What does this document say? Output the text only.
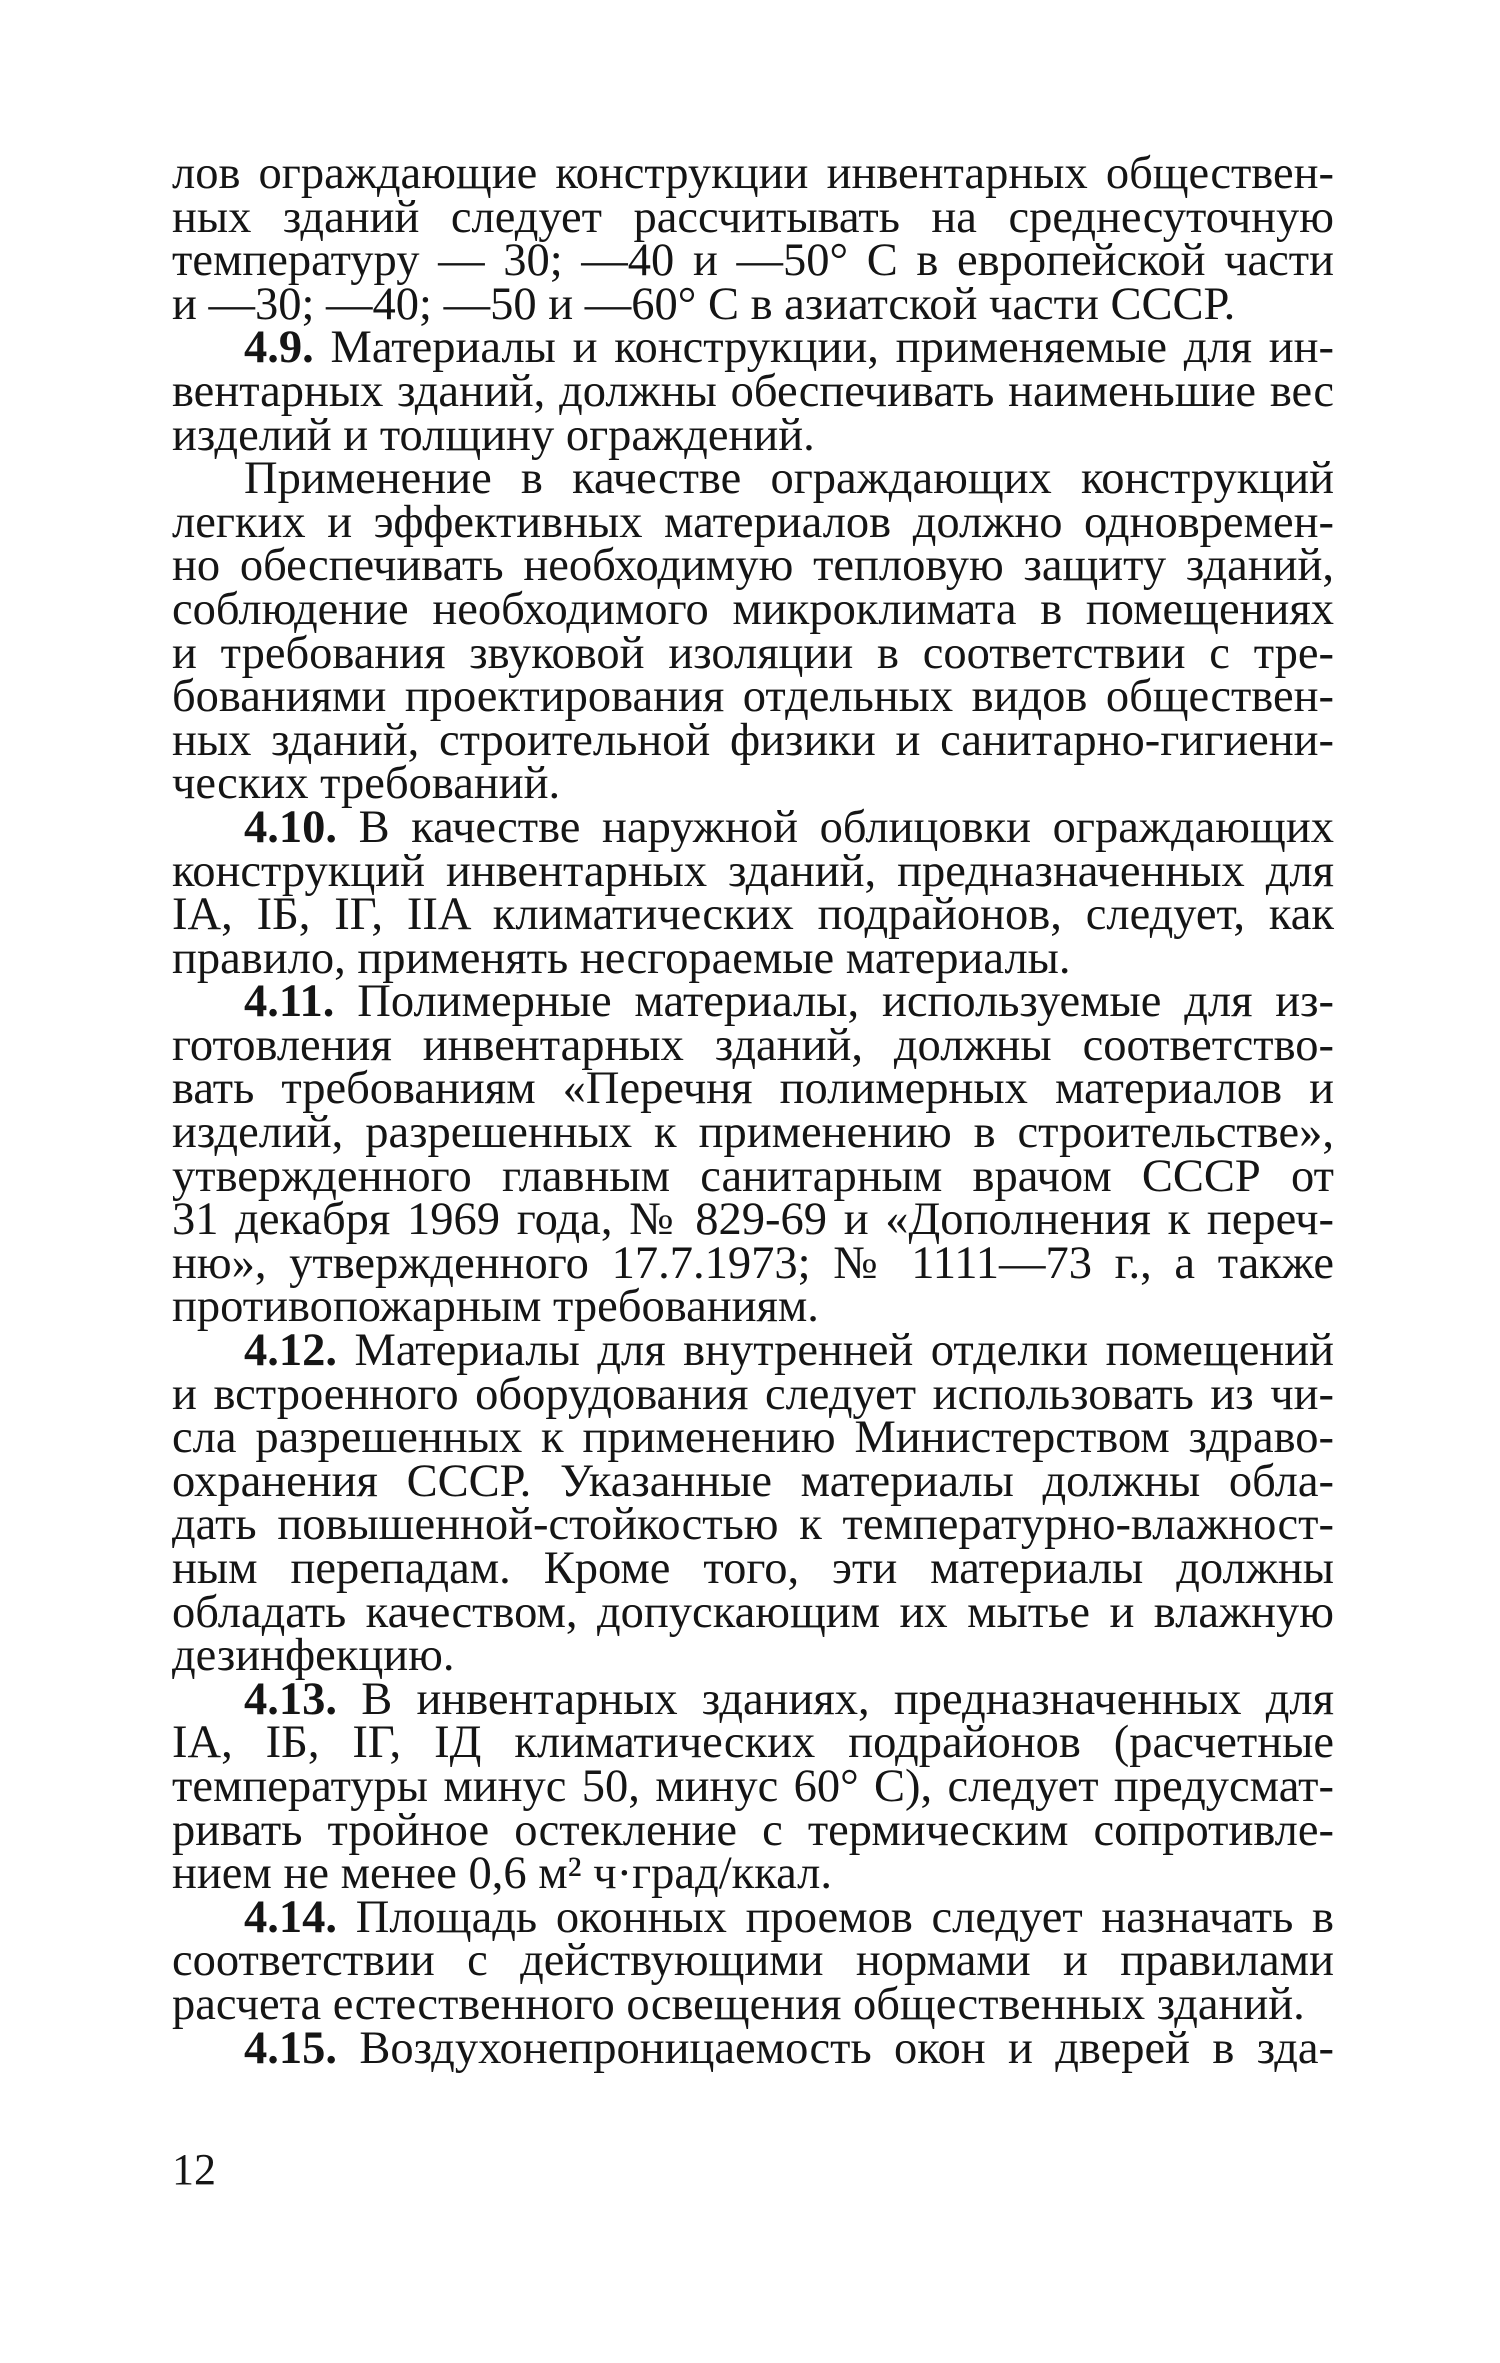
лов ограждающие конструкции инвентарных обществен-
ных зданий следует рассчитывать на среднесуточную
температуру — 30; —40 и —50° С в европейской части
и —30; —40; —50 и —60° С в азиатской части СССР.
4.9. Материалы и конструкции, применяемые для ин-
вентарных зданий, должны обеспечивать наименьшие вес
изделий и толщину ограждений.
Применение в качестве ограждающих конструкций
легких и эффективных материалов должно одновремен-
но обеспечивать необходимую тепловую защиту зданий,
соблюдение необходимого микроклимата в помещениях
и требования звуковой изоляции в соответствии с тре-
бованиями проектирования отдельных видов обществен-
ных зданий, строительной физики и санитарно-гигиени-
ческих требований.
4.10. В качестве наружной облицовки ограждающих
конструкций инвентарных зданий, предназначенных для
IA, IБ, IГ, IIA климатических подрайонов, следует, как
правило, применять несгораемые материалы.
4.11. Полимерные материалы, используемые для из-
готовления инвентарных зданий, должны соответство-
вать требованиям «Перечня полимерных материалов и
изделий, разрешенных к применению в строительстве»,
утвержденного главным санитарным врачом СССР от
31 декабря 1969 года, № 829-69 и «Дополнения к переч-
ню», утвержденного 17.7.1973; № 1111—73 г., а также
противопожарным требованиям.
4.12. Материалы для внутренней отделки помещений
и встроенного оборудования следует использовать из чи-
сла разрешенных к применению Министерством здраво-
охранения СССР. Указанные материалы должны обла-
дать повышенной-стойкостью к температурно-влажност-
ным перепадам. Кроме того, эти материалы должны
обладать качеством, допускающим их мытье и влажную
дезинфекцию.
4.13. В инвентарных зданиях, предназначенных для
IA, IБ, IГ, IД климатических подрайонов (расчетные
температуры минус 50, минус 60° С), следует предусмат-
ривать тройное остекление с термическим сопротивле-
нием не менее 0,6 м² ч·град/ккал.
4.14. Площадь оконных проемов следует назначать в
соответствии с действующими нормами и правилами
расчета естественного освещения общественных зданий.
4.15. Воздухонепроницаемость окон и дверей в зда-
12
